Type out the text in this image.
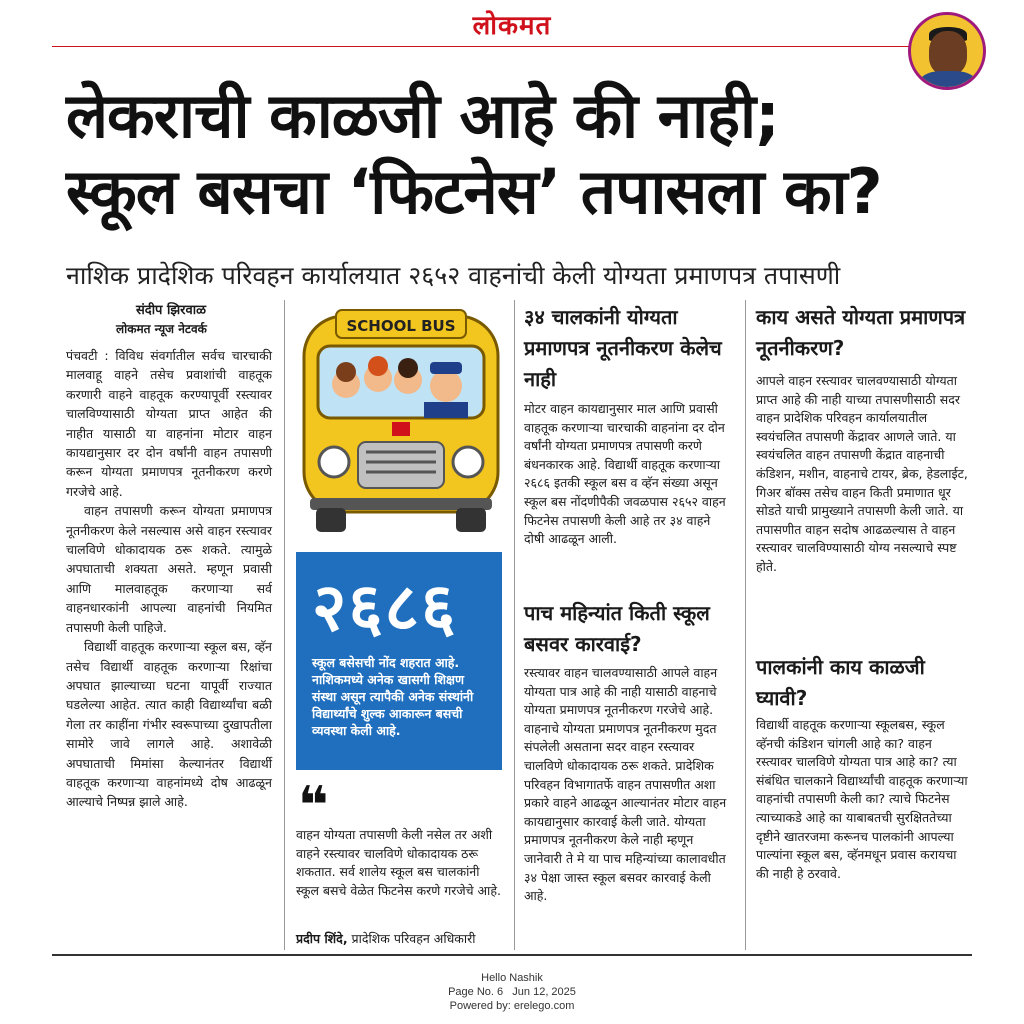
लोकमत
लेकराची काळजी आहे की नाही;
स्कूल बसचा ‘फिटनेस’ तपासला का?
नाशिक प्रादेशिक परिवहन कार्यालयात २६५२ वाहनांची केली योग्यता प्रमाणपत्र तपासणी
संदीप झिरवाळ
लोकमत न्यूज नेटवर्क

पंचवटी : विविध संवर्गातील सर्वच चारचाकी मालवाहू वाहने तसेच प्रवाशांची वाहतूक करणारी वाहने वाहतूक करण्यापूर्वी रस्त्यावर चालविण्यासाठी योग्यता प्राप्त आहेत की नाहीत यासाठी या वाहनांना मोटार वाहन कायद्यानुसार दर दोन वर्षांनी वाहन तपासणी करून योग्यता प्रमाणपत्र नूतनीकरण करणे गरजेचे आहे.

वाहन तपासणी करून योग्यता प्रमाणपत्र नूतनीकरण केले नसल्यास असे वाहन रस्त्यावर चालविणे धोकादायक ठरू शकते. त्यामुळे अपघाताची शक्यता असते. म्हणून प्रवासी आणि मालवाहतूक करणाऱ्या सर्व वाहनधारकांनी आपल्या वाहनांची नियमित तपासणी केली पाहिजे.

विद्यार्थी वाहतूक करणाऱ्या स्कूल बस, व्हॅन तसेच विद्यार्थी वाहतूक करणाऱ्या रिक्षांचा अपघात झाल्याच्या घटना यापूर्वी राज्यात घडलेल्या आहेत. त्यात काही विद्यार्थ्यांचा बळी गेला तर काहींना गंभीर स्वरूपाच्या दुखापतीला सामोरे जावे लागले आहे. अशावेळी अपघाताची मिमांसा केल्यानंतर विद्यार्थी वाहतूक करणाऱ्या वाहनांमध्ये दोष आढळून आल्याचे निष्पन्न झाले आहे.

SCHOOL BUS
२६८६
स्कूल बसेसची नोंद शहरात आहे. नाशिकमध्ये अनेक खासगी शिक्षण संस्था असून त्यापैकी अनेक संस्थांनी विद्यार्थ्यांचे शुल्क आकारून बसची व्यवस्था केली आहे.
❝
वाहन योग्यता तपासणी केली नसेल तर अशी वाहने रस्त्यावर चालविणे धोकादायक ठरू शकतात. सर्व शालेय स्कूल बस चालकांनी स्कूल बसचे वेळेत फिटनेस करणे गरजेचे आहे.
प्रदीप शिंदे, प्रादेशिक परिवहन अधिकारी
३४ चालकांनी योग्यता प्रमाणपत्र नूतनीकरण केलेच नाही
मोटर वाहन कायद्यानुसार माल आणि प्रवासी वाहतूक करणाऱ्या चारचाकी वाहनांना दर दोन वर्षांनी योग्यता प्रमाणपत्र तपासणी करणे बंधनकारक आहे. विद्यार्थी वाहतूक करणाऱ्या २६८६ इतकी स्कूल बस व व्हॅन संख्या असून स्कूल बस नोंदणीपैकी जवळपास २६५२ वाहन फिटनेस तपासणी केली आहे तर ३४ वाहने दोषी आढळून आली.
पाच महिन्यांत किती स्कूल बसवर कारवाई?
रस्त्यावर वाहन चालवण्यासाठी आपले वाहन योग्यता पात्र आहे की नाही यासाठी वाहनाचे योग्यता प्रमाणपत्र नूतनीकरण गरजेचे आहे. वाहनाचे योग्यता प्रमाणपत्र नूतनीकरण मुदत संपलेली असताना सदर वाहन रस्त्यावर चालविणे धोकादायक ठरू शकते. प्रादेशिक परिवहन विभागातर्फे वाहन तपासणीत अशा प्रकारे वाहने आढळून आल्यानंतर मोटार वाहन कायद्यानुसार कारवाई केली जाते. योग्यता प्रमाणपत्र नूतनीकरण केले नाही म्हणून जानेवारी ते मे या पाच महिन्यांच्या कालावधीत ३४ पेक्षा जास्त स्कूल बसवर कारवाई केली आहे.
काय असते योग्यता प्रमाणपत्र नूतनीकरण?
आपले वाहन रस्त्यावर चालवण्यासाठी योग्यता प्राप्त आहे की नाही याच्या तपासणीसाठी सदर वाहन प्रादेशिक परिवहन कार्यालयातील स्वयंचलित तपासणी केंद्रावर आणले जाते. या स्वयंचलित वाहन तपासणी केंद्रात वाहनाची कंडिशन, मशीन, वाहनाचे टायर, ब्रेक, हेडलाईट, गिअर बॉक्स तसेच वाहन किती प्रमाणात धूर सोडते याची प्रामुख्याने तपासणी केली जाते. या तपासणीत वाहन सदोष आढळल्यास ते वाहन रस्त्यावर चालविण्यासाठी योग्य नसल्याचे स्पष्ट होते.
पालकांनी काय काळजी घ्यावी?
विद्यार्थी वाहतूक करणाऱ्या स्कूलबस, स्कूल व्हॅनची कंडिशन चांगली आहे का? वाहन रस्त्यावर चालविणे योग्यता पात्र आहे का? त्या संबंधित चालकाने विद्यार्थ्यांची वाहतूक करणाऱ्या वाहनांची तपासणी केली का? त्याचे फिटनेस त्याच्याकडे आहे का याबाबतची सुरक्षिततेच्या दृष्टीने खातरजमा करूनच पालकांनी आपल्या पाल्यांना स्कूल बस, व्हॅनमधून प्रवास करायचा की नाही हे ठरवावे.
Hello Nashik
Page No. 6 Jun 12, 2025
Powered by: erelego.com
